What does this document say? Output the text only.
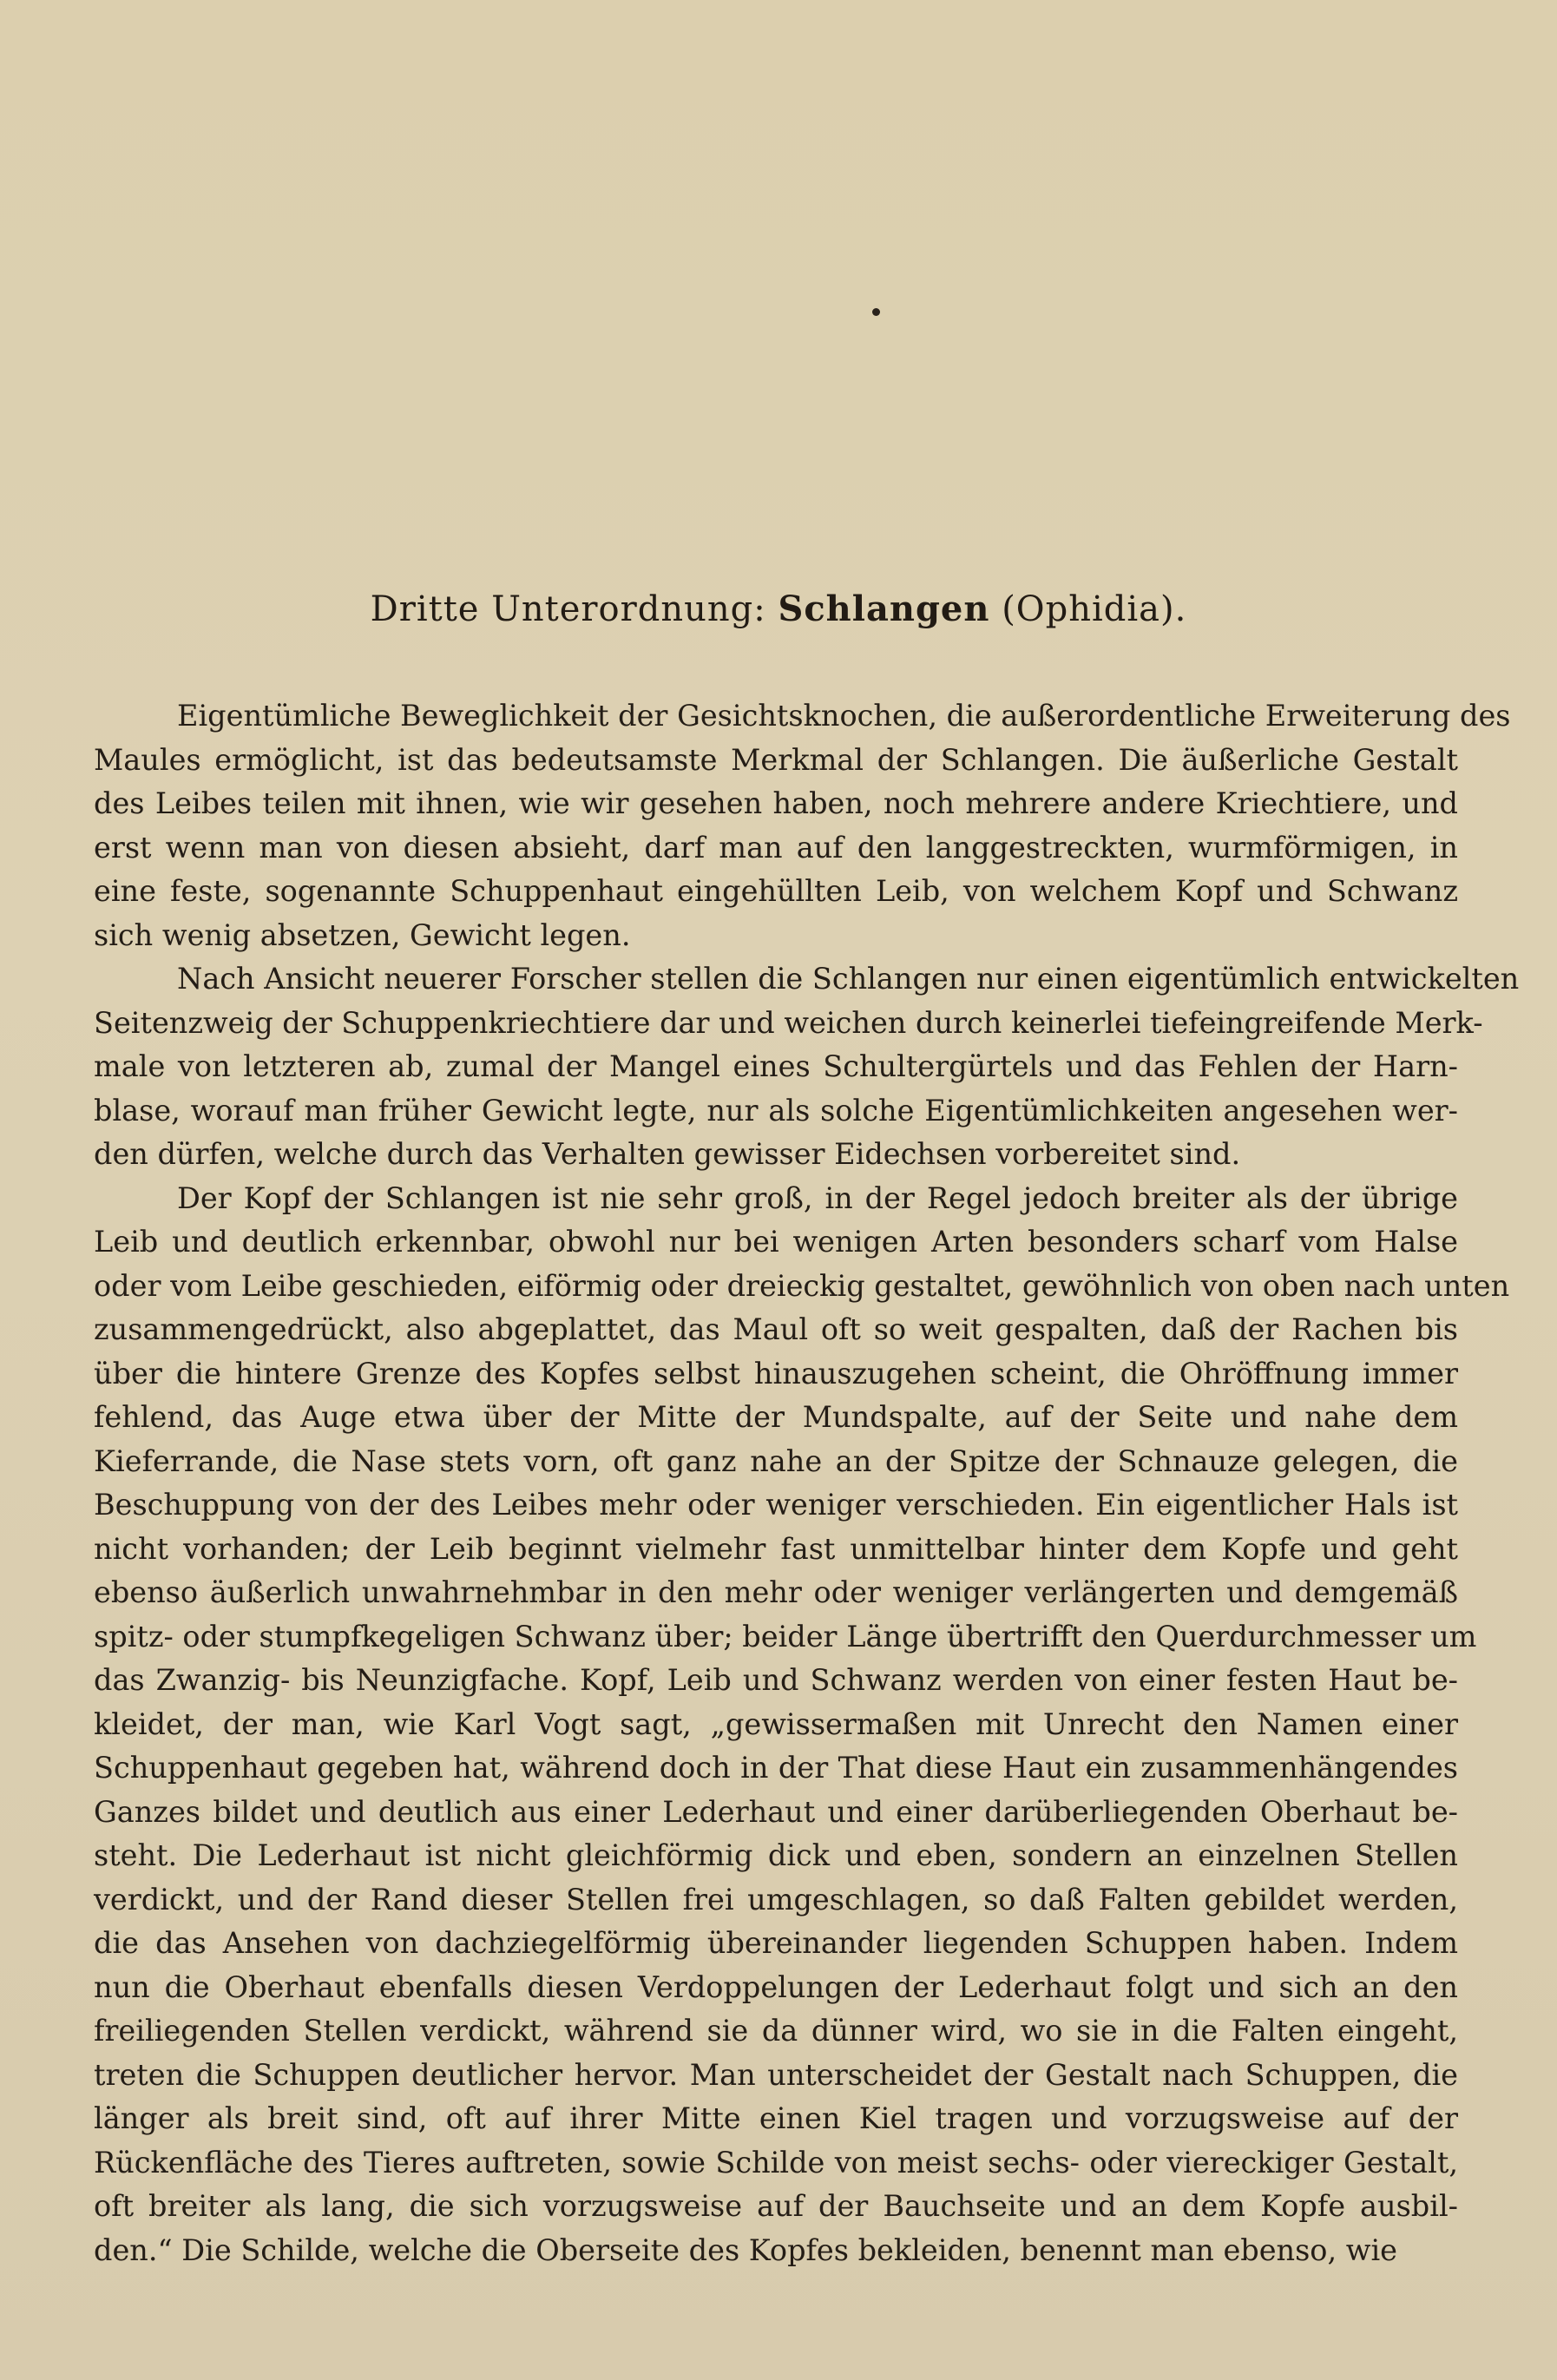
Dritte Unterordnung: Schlangen (Ophidia).
Eigentümliche Beweglichkeit der Gesichtsknochen, die außerordentliche Erweiterung des
Maules ermöglicht, ist das bedeutsamste Merkmal der Schlangen. Die äußerliche Gestalt
des Leibes teilen mit ihnen, wie wir gesehen haben, noch mehrere andere Kriechtiere, und
erst wenn man von diesen absieht, darf man auf den langgestreckten, wurmförmigen, in
eine feste, sogenannte Schuppenhaut eingehüllten Leib, von welchem Kopf und Schwanz
sich wenig absetzen, Gewicht legen.
Nach Ansicht neuerer Forscher stellen die Schlangen nur einen eigentümlich entwickelten
Seitenzweig der Schuppenkriechtiere dar und weichen durch keinerlei tiefeingreifende Merk-
male von letzteren ab, zumal der Mangel eines Schultergürtels und das Fehlen der Harn-
blase, worauf man früher Gewicht legte, nur als solche Eigentümlichkeiten angesehen wer-
den dürfen, welche durch das Verhalten gewisser Eidechsen vorbereitet sind.
Der Kopf der Schlangen ist nie sehr groß, in der Regel jedoch breiter als der übrige
Leib und deutlich erkennbar, obwohl nur bei wenigen Arten besonders scharf vom Halse
oder vom Leibe geschieden, eiförmig oder dreieckig gestaltet, gewöhnlich von oben nach unten
zusammengedrückt, also abgeplattet, das Maul oft so weit gespalten, daß der Rachen bis
über die hintere Grenze des Kopfes selbst hinauszugehen scheint, die Ohröffnung immer
fehlend, das Auge etwa über der Mitte der Mundspalte, auf der Seite und nahe dem
Kieferrande, die Nase stets vorn, oft ganz nahe an der Spitze der Schnauze gelegen, die
Beschuppung von der des Leibes mehr oder weniger verschieden. Ein eigentlicher Hals ist
nicht vorhanden; der Leib beginnt vielmehr fast unmittelbar hinter dem Kopfe und geht
ebenso äußerlich unwahrnehmbar in den mehr oder weniger verlängerten und demgemäß
spitz- oder stumpfkegeligen Schwanz über; beider Länge übertrifft den Querdurchmesser um
das Zwanzig- bis Neunzigfache. Kopf, Leib und Schwanz werden von einer festen Haut be-
kleidet, der man, wie Karl Vogt sagt, „gewissermaßen mit Unrecht den Namen einer
Schuppenhaut gegeben hat, während doch in der That diese Haut ein zusammenhängendes
Ganzes bildet und deutlich aus einer Lederhaut und einer darüberliegenden Oberhaut be-
steht. Die Lederhaut ist nicht gleichförmig dick und eben, sondern an einzelnen Stellen
verdickt, und der Rand dieser Stellen frei umgeschlagen, so daß Falten gebildet werden,
die das Ansehen von dachziegelförmig übereinander liegenden Schuppen haben. Indem
nun die Oberhaut ebenfalls diesen Verdoppelungen der Lederhaut folgt und sich an den
freiliegenden Stellen verdickt, während sie da dünner wird, wo sie in die Falten eingeht,
treten die Schuppen deutlicher hervor. Man unterscheidet der Gestalt nach Schuppen, die
länger als breit sind, oft auf ihrer Mitte einen Kiel tragen und vorzugsweise auf der
Rückenfläche des Tieres auftreten, sowie Schilde von meist sechs- oder viereckiger Gestalt,
oft breiter als lang, die sich vorzugsweise auf der Bauchseite und an dem Kopfe ausbil-
den.“ Die Schilde, welche die Oberseite des Kopfes bekleiden, benennt man ebenso, wie
